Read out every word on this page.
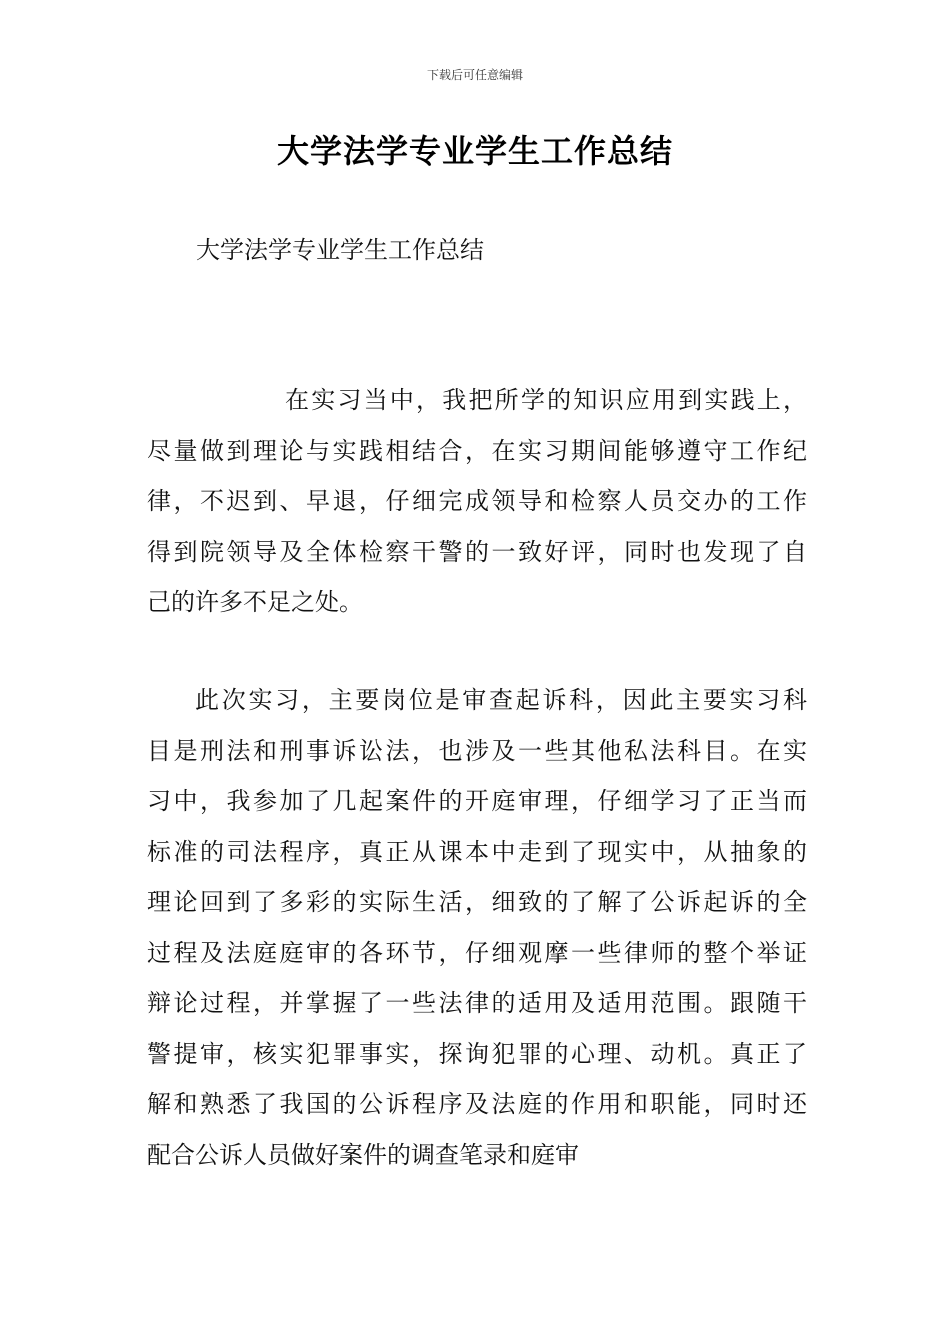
下载后可任意编辑
大学法学专业学生工作总结

大学法学专业学生工作总结

在实习当中，我把所学的知识应用到实践上，
尽量做到理论与实践相结合，在实习期间能够遵守工作纪
律，不迟到、早退，仔细完成领导和检察人员交办的工作
得到院领导及全体检察干警的一致好评，同时也发现了自
己的许多不足之处。
此次实习，主要岗位是审查起诉科，因此主要实习科
目是刑法和刑事诉讼法，也涉及一些其他私法科目。在实
习中，我参加了几起案件的开庭审理，仔细学习了正当而
标准的司法程序，真正从课本中走到了现实中，从抽象的
理论回到了多彩的实际生活，细致的了解了公诉起诉的全
过程及法庭庭审的各环节，仔细观摩一些律师的整个举证
辩论过程，并掌握了一些法律的适用及适用范围。跟随干
警提审，核实犯罪事实，探询犯罪的心理、动机。真正了
解和熟悉了我国的公诉程序及法庭的作用和职能，同时还
配合公诉人员做好案件的调查笔录和庭审
